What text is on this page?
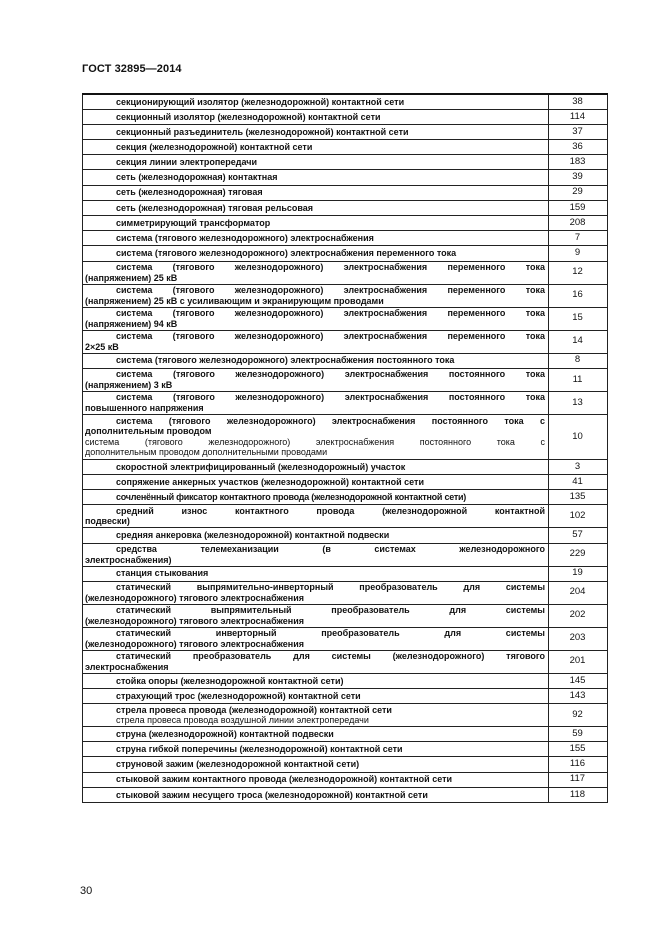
ГОСТ 32895—2014
секционирующий изолятор (железнодорожной) контактной сети	38

секционный изолятор (железнодорожной) контактной сети	114

секционный разъединитель (железнодорожной) контактной сети	37

секция (железнодорожной) контактной сети	36

секция линии электропередачи	183

сеть (железнодорожная) контактная	39

сеть (железнодорожная) тяговая	29

сеть (железнодорожная) тяговая рельсовая	159

симметрирующий трансформатор	208

система (тягового железнодорожного) электроснабжения	7

система (тягового железнодорожного) электроснабжения переменного тока	9

система (тягового железнодорожного) электроснабжения переменного тока
(напряжением) 25 кВ	12

система (тягового железнодорожного) электроснабжения переменного тока
(напряжением) 25 кВ с усиливающим и экранирующим проводами	16

система (тягового железнодорожного) электроснабжения переменного тока
(напряжением) 94 кВ	15

система (тягового железнодорожного) электроснабжения переменного тока
2×25 кВ	14

система (тягового железнодорожного) электроснабжения постоянного тока	8

система (тягового железнодорожного) электроснабжения постоянного тока
(напряжением) 3 кВ	11

система (тягового железнодорожного) электроснабжения постоянного тока
повышенного напряжения	13

система (тягового железнодорожного) электроснабжения постоянного тока с
дополнительным проводом
система (тягового железнодорожного) электроснабжения постоянного тока с
дополнительным проводом дополнительными проводами	10

скоростной электрифицированный (железнодорожный) участок	3

сопряжение анкерных участков (железнодорожной) контактной сети	41

сочленённый фиксатор контактного провода (железнодорожной контактной сети)	135

средний износ контактного провода (железнодорожной контактной
подвески)	102

средняя анкеровка (железнодорожной) контактной подвески	57

средства телемеханизации (в системах железнодорожного
электроснабжения)	229

станция стыкования	19

статический выпрямительно-инверторный преобразователь для системы
(железнодорожного) тягового электроснабжения	204

статический выпрямительный преобразователь для системы
(железнодорожного) тягового электроснабжения	202

статический инверторный преобразователь для системы
(железнодорожного) тягового электроснабжения	203

статический преобразователь для системы (железнодорожного) тягового
электроснабжения	201

стойка опоры (железнодорожной контактной сети)	145

страхующий трос (железнодорожной) контактной сети	143

стрела провеса провода (железнодорожной) контактной сети
стрела провеса провода воздушной линии электропередачи	92

струна (железнодорожной) контактной подвески	59

струна гибкой поперечины (железнодорожной) контактной сети	155

струновой зажим (железнодорожной контактной сети)	116

стыковой зажим контактного провода (железнодорожной) контактной сети	117

стыковой зажим несущего троса (железнодорожной) контактной сети	118
30
